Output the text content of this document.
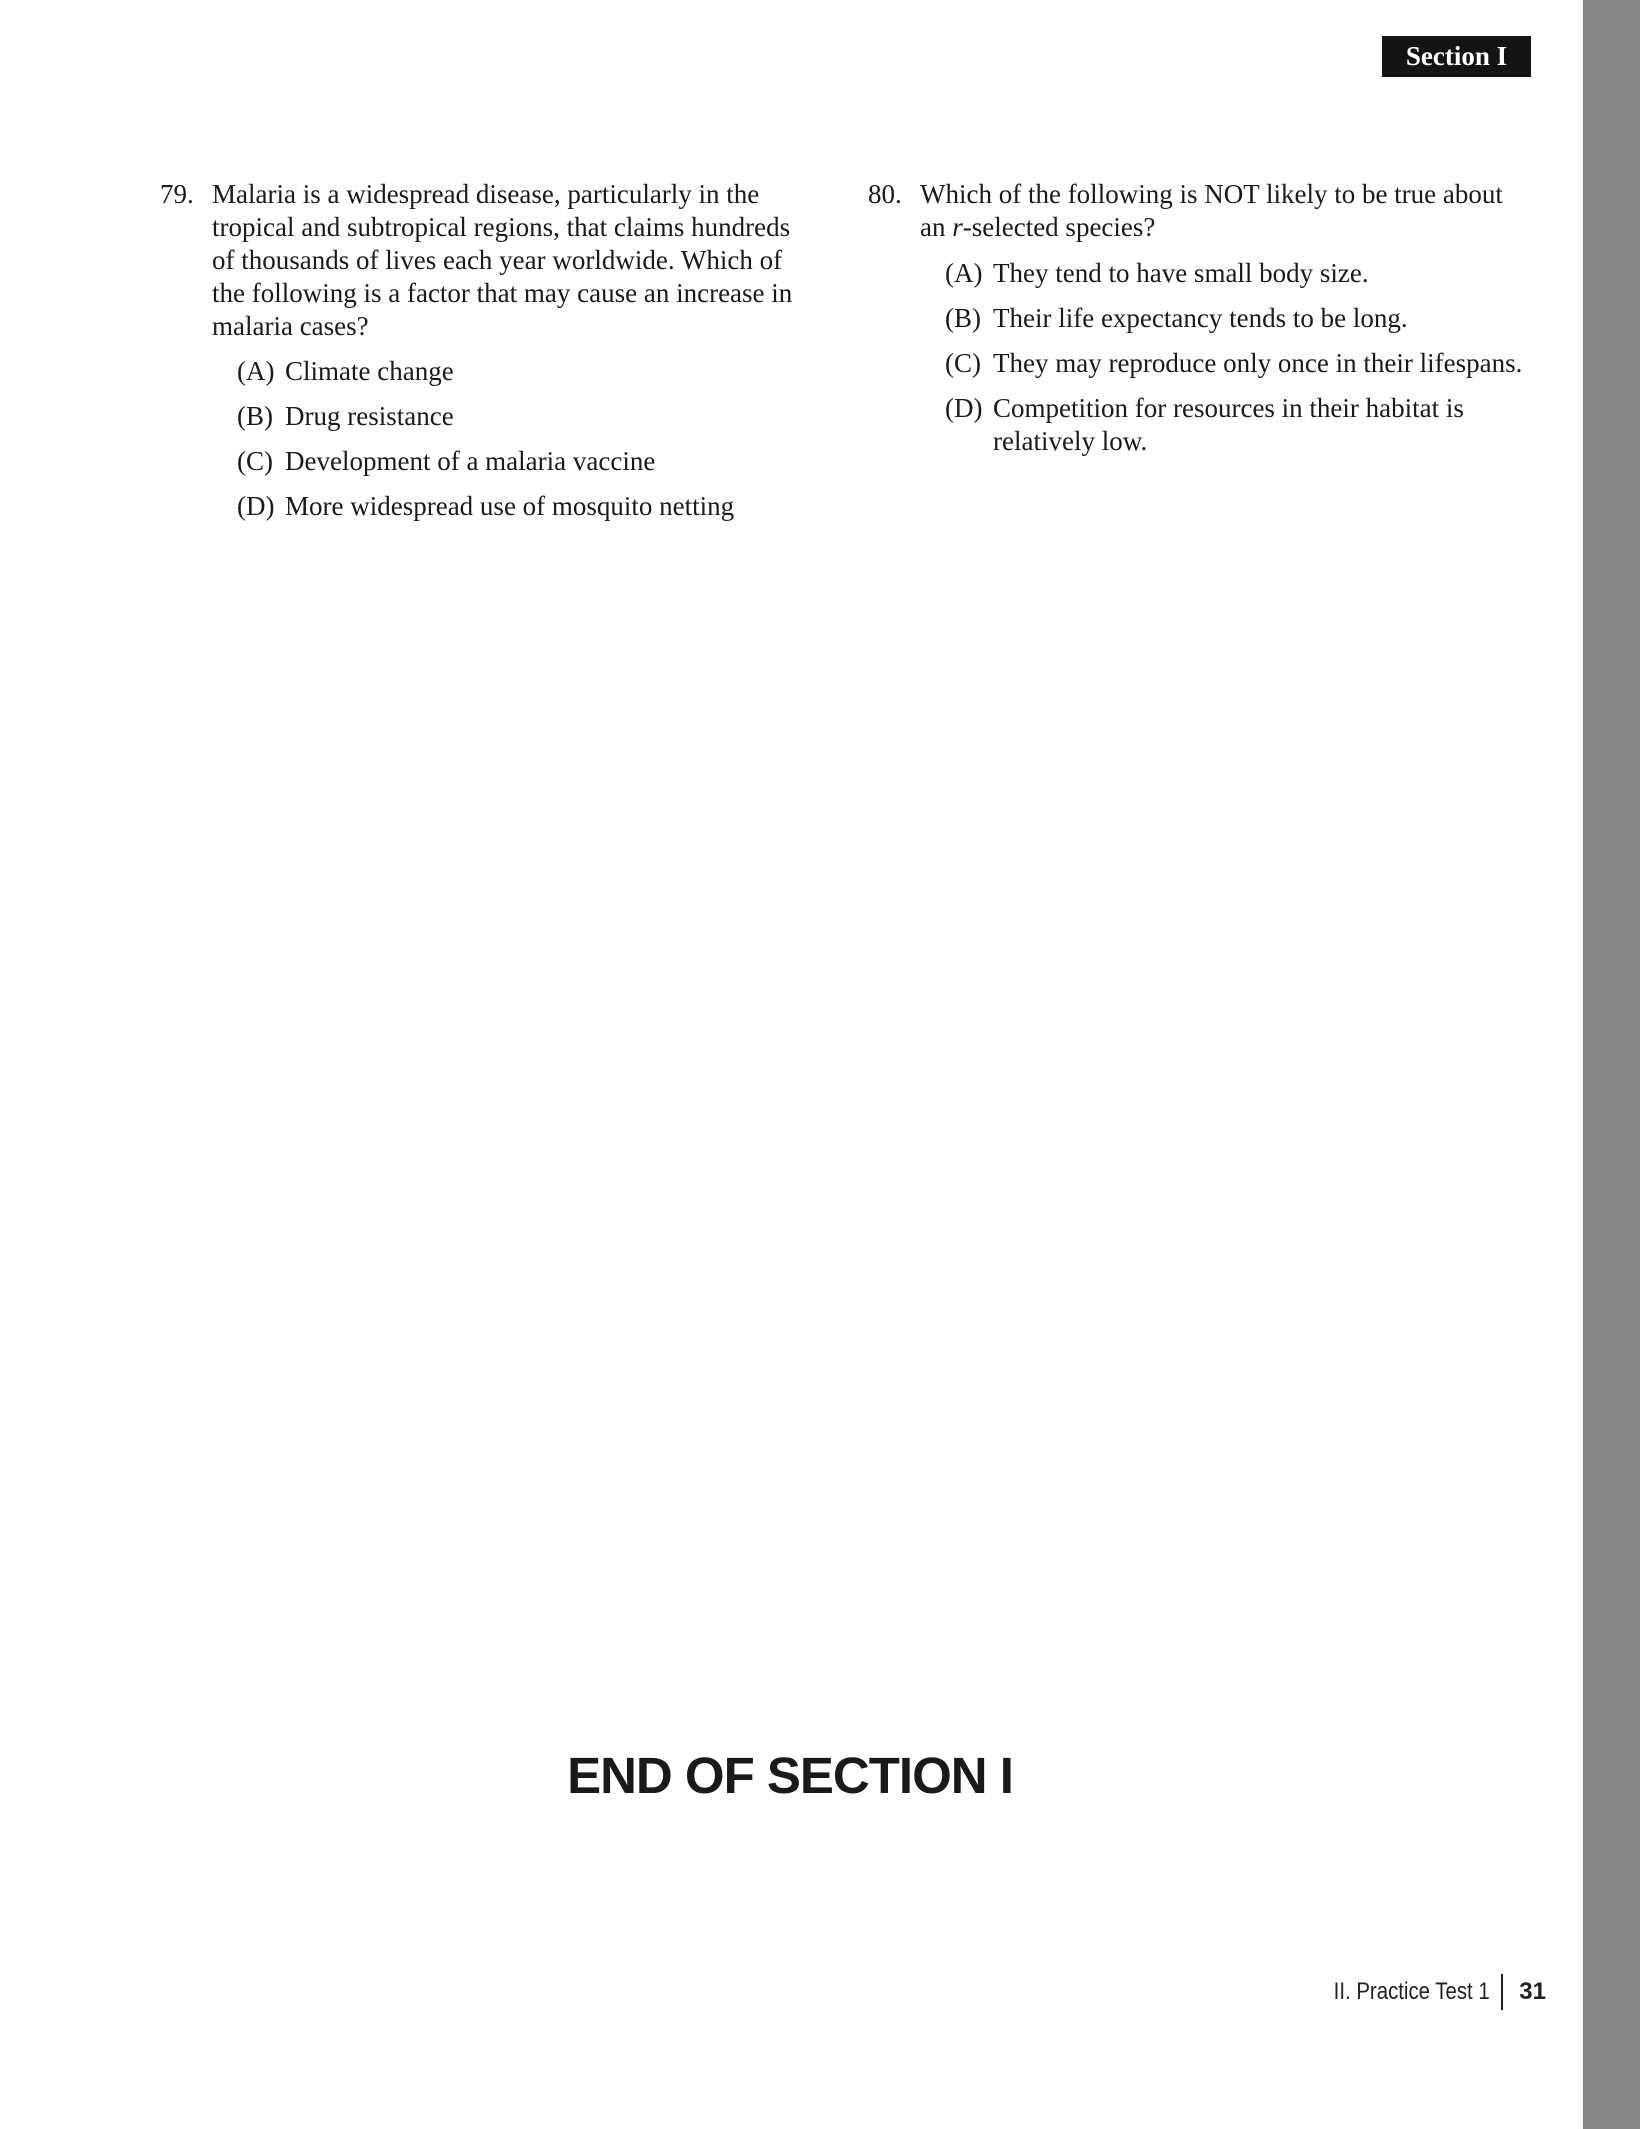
Section I
79. Malaria is a widespread disease, particularly in the tropical and subtropical regions, that claims hundreds of thousands of lives each year worldwide. Which of the following is a factor that may cause an increase in malaria cases?
(A) Climate change
(B) Drug resistance
(C) Development of a malaria vaccine
(D) More widespread use of mosquito netting
80. Which of the following is NOT likely to be true about an r-selected species?
(A) They tend to have small body size.
(B) Their life expectancy tends to be long.
(C) They may reproduce only once in their lifespans.
(D) Competition for resources in their habitat is relatively low.
END OF SECTION I
II. Practice Test 1	31
